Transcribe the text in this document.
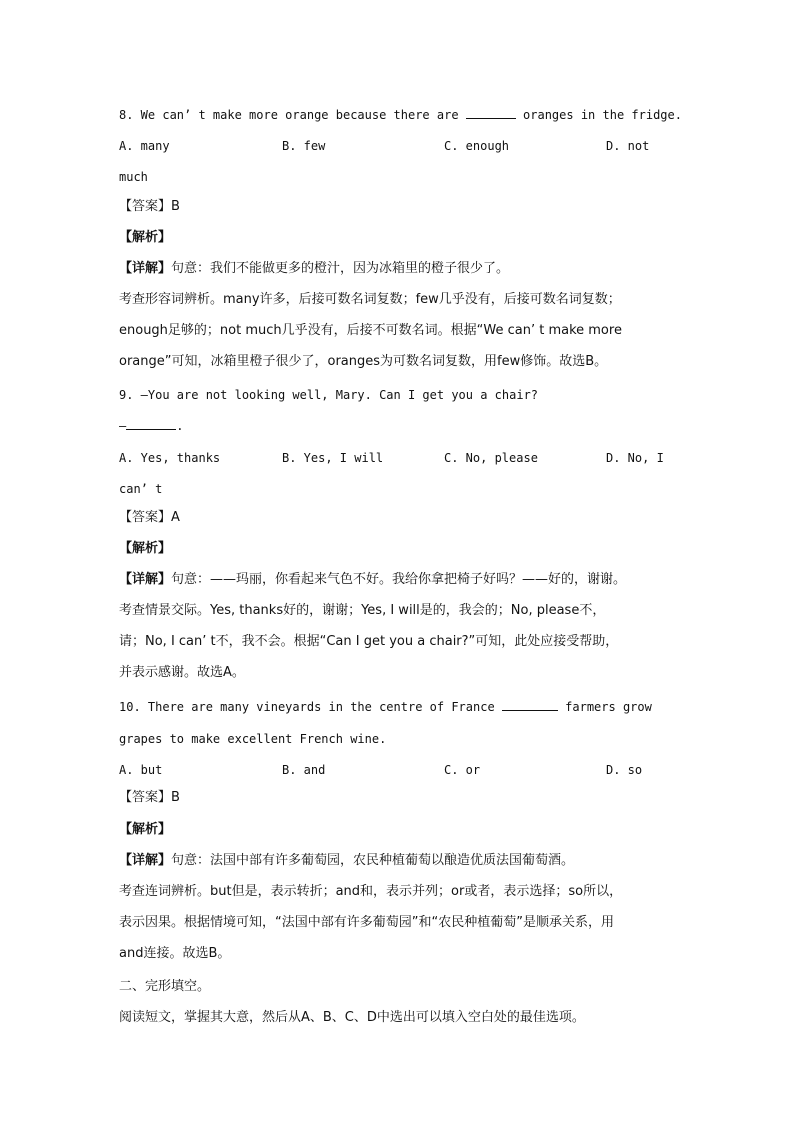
8. We can’ t make more orange because there are	oranges in the fridge.
A. many	B. few	C. enough	D. not
much
【答案】B
【解析】
【详解】句意：我们不能做更多的橙汁，因为冰箱里的橙子很少了。
考查形容词辨析。many许多，后接可数名词复数；few几乎没有，后接可数名词复数；
enough足够的；not much几乎没有，后接不可数名词。根据“We can’ t make more
orange”可知，冰箱里橙子很少了，oranges为可数名词复数，用few修饰。故选B。
9. —You are not looking well, Mary. Can I get you a chair?
—	.
A. Yes, thanks	B. Yes, I will	C. No, please	D. No, I
can’ t
【答案】A
【解析】
【详解】句意：——玛丽，你看起来气色不好。我给你拿把椅子好吗？——好的，谢谢。
考查情景交际。Yes, thanks好的，谢谢；Yes, I will是的，我会的；No, please不，
请；No, I can’ t不，我不会。根据“Can I get you a chair?”可知，此处应接受帮助，
并表示感谢。故选A。
10. There are many vineyards in the centre of France	farmers grow
grapes to make excellent French wine.
A. but	B. and	C. or	D. so
【答案】B
【解析】
【详解】句意：法国中部有许多葡萄园，农民种植葡萄以酿造优质法国葡萄酒。
考查连词辨析。but但是，表示转折；and和，表示并列；or或者，表示选择；so所以，
表示因果。根据情境可知，“法国中部有许多葡萄园”和“农民种植葡萄”是顺承关系，用
and连接。故选B。
二、完形填空。
阅读短文，掌握其大意，然后从A、B、C、D中选出可以填入空白处的最佳选项。
